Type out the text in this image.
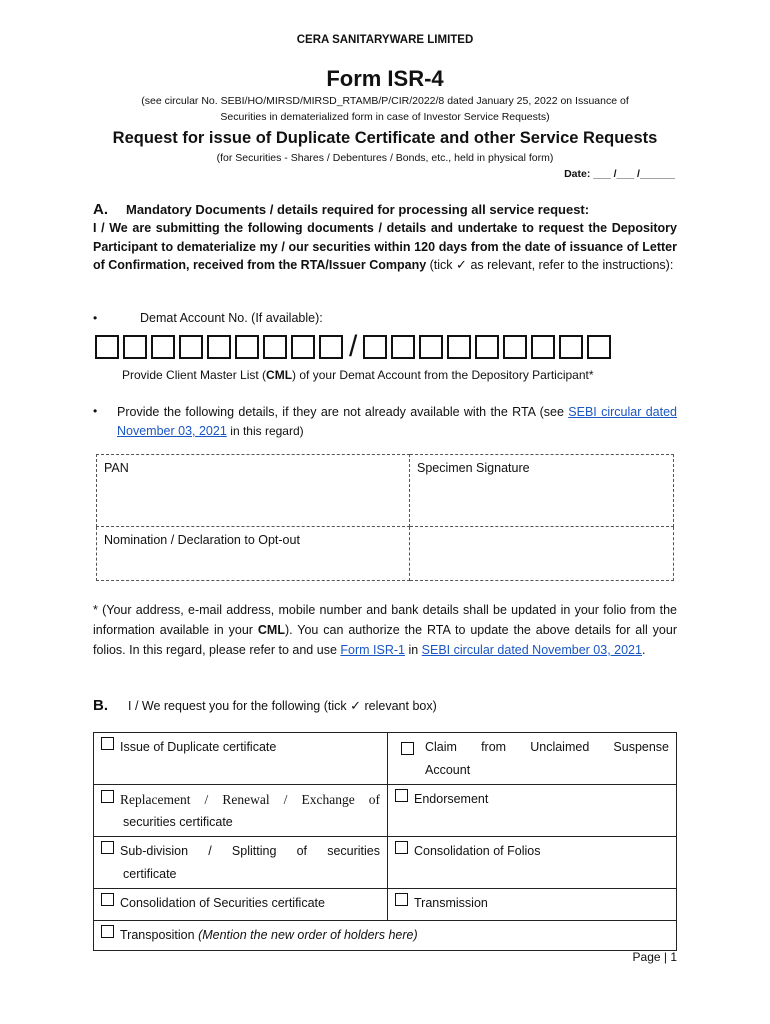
CERA SANITARYWARE LIMITED
Form ISR-4
(see circular No. SEBI/HO/MIRSD/MIRSD_RTAMB/P/CIR/2022/8 dated January 25, 2022 on Issuance of
Securities in dematerialized form in case of Investor Service Requests)
Request for issue of Duplicate Certificate and other Service Requests
(for Securities - Shares / Debentures / Bonds, etc., held in physical form)
Date: ___ /___ /______
A. Mandatory Documents / details required for processing all service request:
I / We are submitting the following documents / details and undertake to request the Depository Participant to dematerialize my / our securities within 120 days from the date of issuance of Letter of Confirmation, received from the RTA/Issuer Company (tick ✓ as relevant, refer to the instructions):
•	Demat Account No. (If available):
/
Provide Client Master List (CML) of your Demat Account from the Depository Participant*
• Provide the following details, if they are not already available with the RTA (see SEBI circular dated November 03, 2021 in this regard)
PAN	Specimen Signature
Nomination / Declaration to Opt-out	
* (Your address, e-mail address, mobile number and bank details shall be updated in your folio from the information available in your CML). You can authorize the RTA to update the above details for all your folios. In this regard, please refer to and use Form ISR-1 in SEBI circular dated November 03, 2021.
B. I / We request you for the following (tick ✓ relevant box)
Issue of Duplicate certificate	Claim from Unclaimed Suspense
Account

Replacement / Renewal / Exchange of
securities certificate	Endorsement

Sub-division / Splitting of securities
certificate	Consolidation of Folios
Consolidation of Securities certificate	Transmission
Transposition (Mention the new order of holders here)	
Page | 1
